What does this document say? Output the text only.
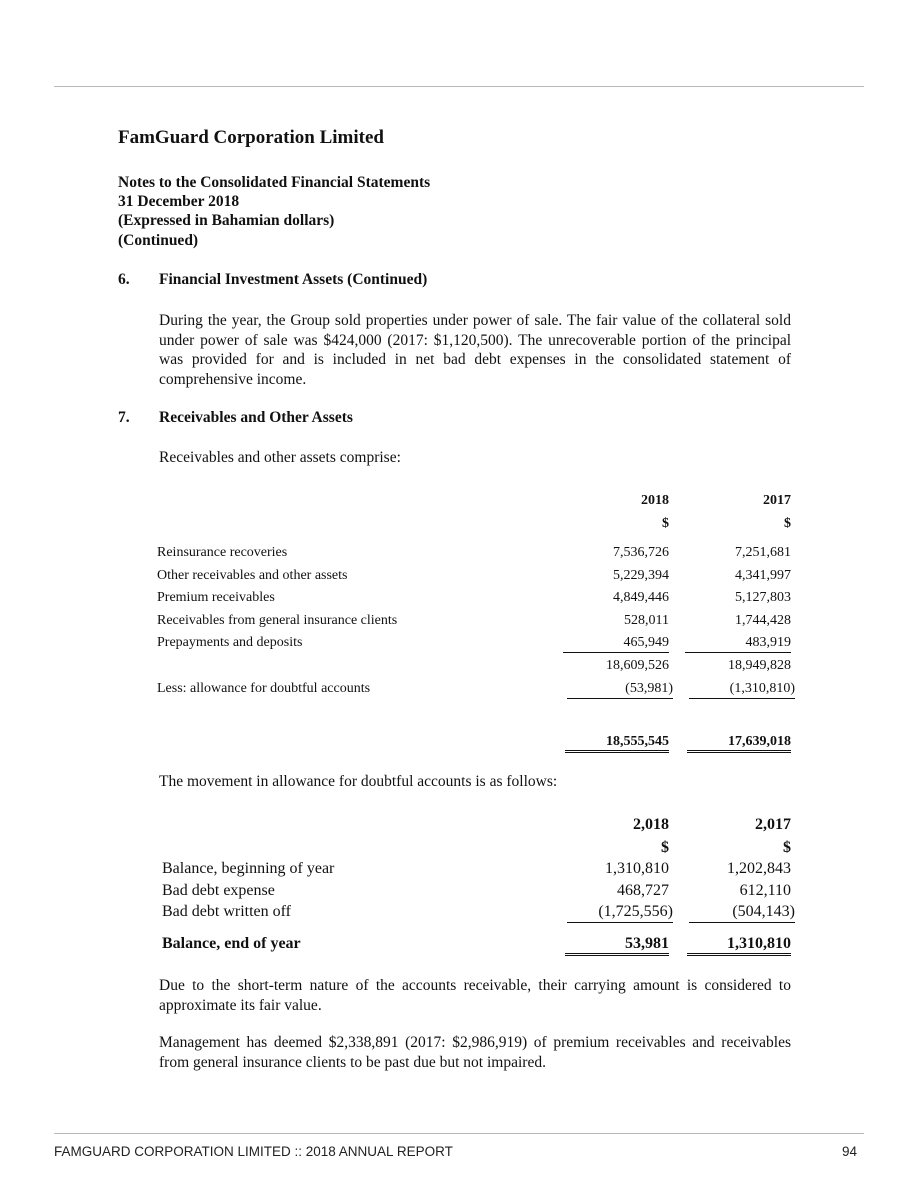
FamGuard Corporation Limited
Notes to the Consolidated Financial Statements
31 December 2018
(Expressed in Bahamian dollars)
(Continued)
6. Financial Investment Assets (Continued)
During the year, the Group sold properties under power of sale. The fair value of the collateral sold under power of sale was $424,000 (2017: $1,120,500). The unrecoverable portion of the principal was provided for and is included in net bad debt expenses in the consolidated statement of comprehensive income.
7. Receivables and Other Assets
Receivables and other assets comprise:
2018	2017
$	$
Reinsurance recoveries	7,536,726	7,251,681
Other receivables and other assets	5,229,394	4,341,997
Premium receivables	4,849,446	5,127,803
Receivables from general insurance clients	528,011	1,744,428
Prepayments and deposits	465,949	483,919
18,609,526	18,949,828
Less: allowance for doubtful accounts	(53,981)	(1,310,810)
18,555,545	17,639,018
The movement in allowance for doubtful accounts is as follows:
2,018	2,017
$	$
Balance, beginning of year	1,310,810	1,202,843
Bad debt expense	468,727	612,110
Bad debt written off	(1,725,556)	(504,143)
Balance, end of year	53,981	1,310,810
Due to the short-term nature of the accounts receivable, their carrying amount is considered to approximate its fair value.
Management has deemed $2,338,891 (2017: $2,986,919) of premium receivables and receivables from general insurance clients to be past due but not impaired.
FAMGUARD CORPORATION LIMITED :: 2018 ANNUAL REPORT	94
